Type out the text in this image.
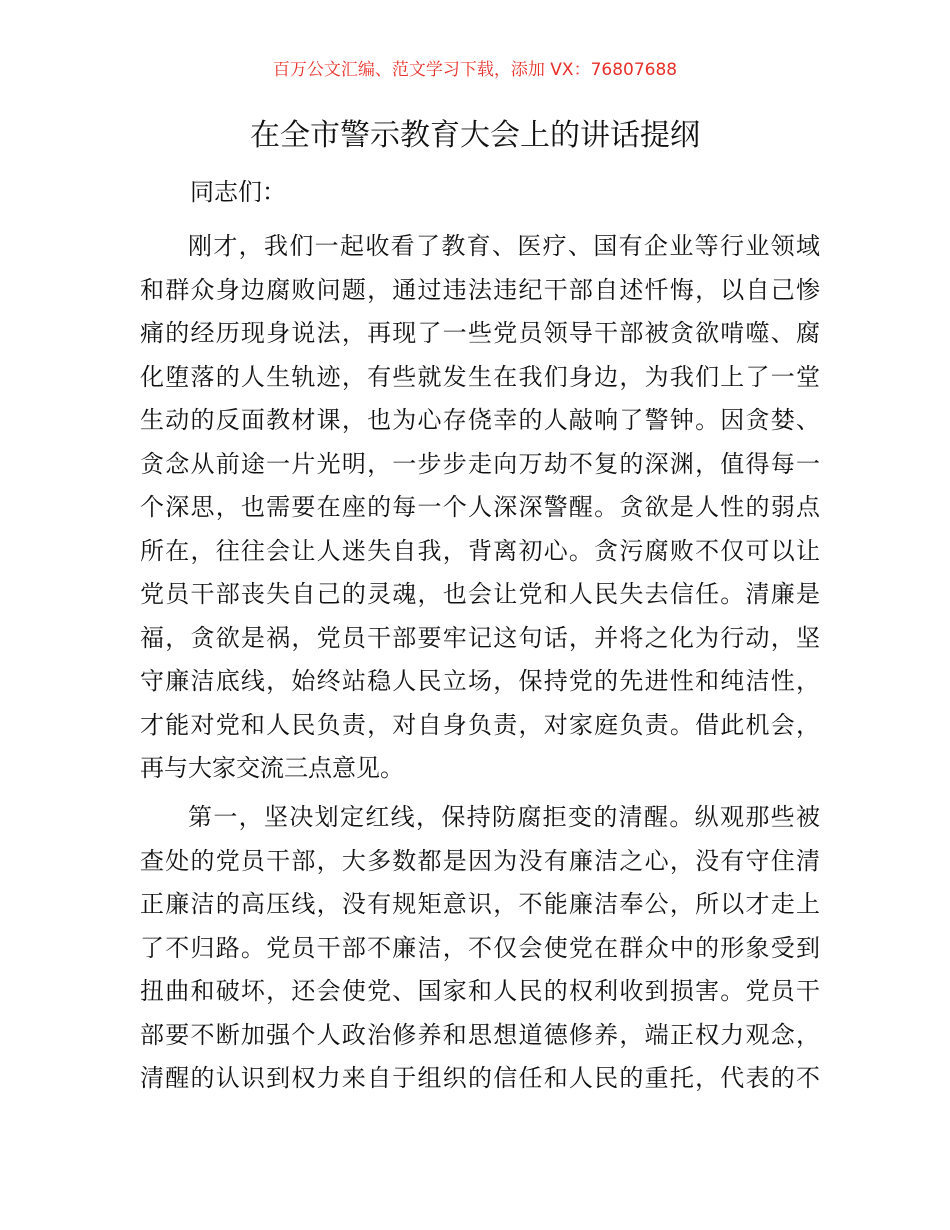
百万公文汇编、范文学习下载，添加 VX：76807688
在全市警示教育大会上的讲话提纲
同志们：
刚才，我们一起收看了教育、医疗、国有企业等行业领域
和群众身边腐败问题，通过违法违纪干部自述忏悔，以自己惨
痛的经历现身说法，再现了一些党员领导干部被贪欲啃噬、腐
化堕落的人生轨迹，有些就发生在我们身边，为我们上了一堂
生动的反面教材课，也为心存侥幸的人敲响了警钟。因贪婪、
贪念从前途一片光明，一步步走向万劫不复的深渊，值得每一
个深思，也需要在座的每一个人深深警醒。贪欲是人性的弱点
所在，往往会让人迷失自我，背离初心。贪污腐败不仅可以让
党员干部丧失自己的灵魂，也会让党和人民失去信任。清廉是
福，贪欲是祸，党员干部要牢记这句话，并将之化为行动，坚
守廉洁底线，始终站稳人民立场，保持党的先进性和纯洁性，
才能对党和人民负责，对自身负责，对家庭负责。借此机会，
再与大家交流三点意见。
第一，坚决划定红线，保持防腐拒变的清醒。纵观那些被
查处的党员干部，大多数都是因为没有廉洁之心，没有守住清
正廉洁的高压线，没有规矩意识，不能廉洁奉公，所以才走上
了不归路。党员干部不廉洁，不仅会使党在群众中的形象受到
扭曲和破坏，还会使党、国家和人民的权利收到损害。党员干
部要不断加强个人政治修养和思想道德修养，端正权力观念，
清醒的认识到权力来自于组织的信任和人民的重托，代表的不
